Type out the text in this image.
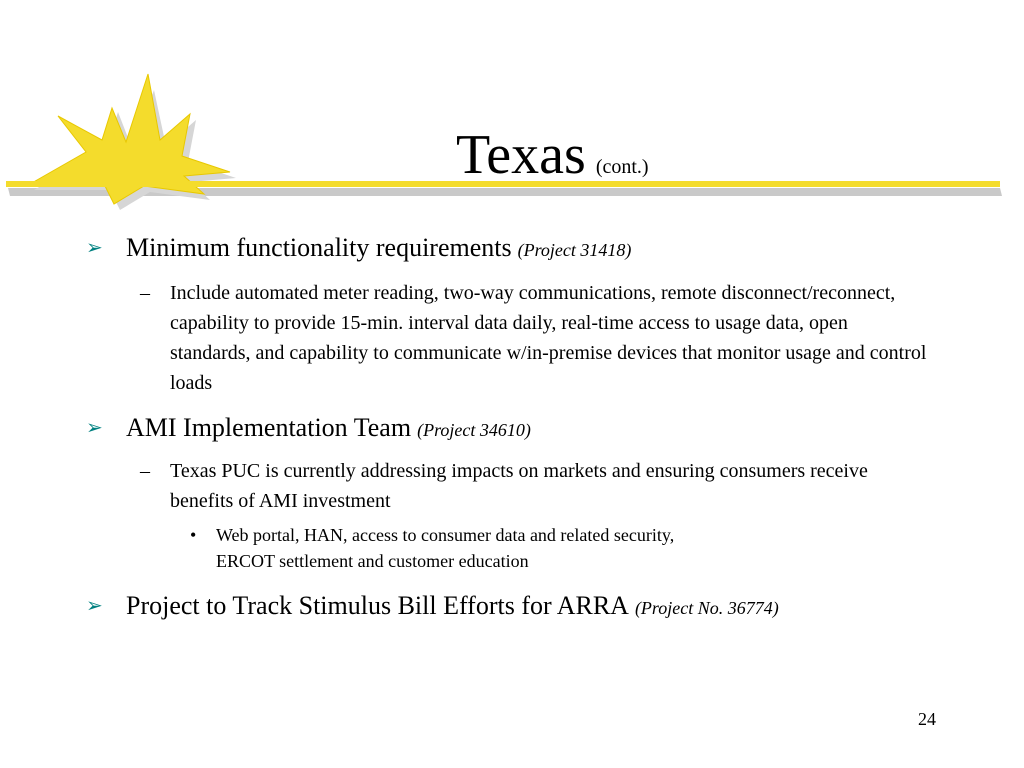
Texas (cont.)
➢ Minimum functionality requirements (Project 31418)
–	Include automated meter reading, two-way communications, remote disconnect/reconnect, capability to provide 15-min. interval data daily, real-time access to usage data, open standards, and capability to communicate w/in-premise devices that monitor usage and control loads
➢ AMI Implementation Team (Project 34610)
–	Texas PUC is currently addressing impacts on markets and ensuring consumers receive benefits of AMI investment
•	Web portal, HAN, access to consumer data and related security,
ERCOT settlement and customer education
➢ Project to Track Stimulus Bill Efforts for ARRA (Project No. 36774)
24
